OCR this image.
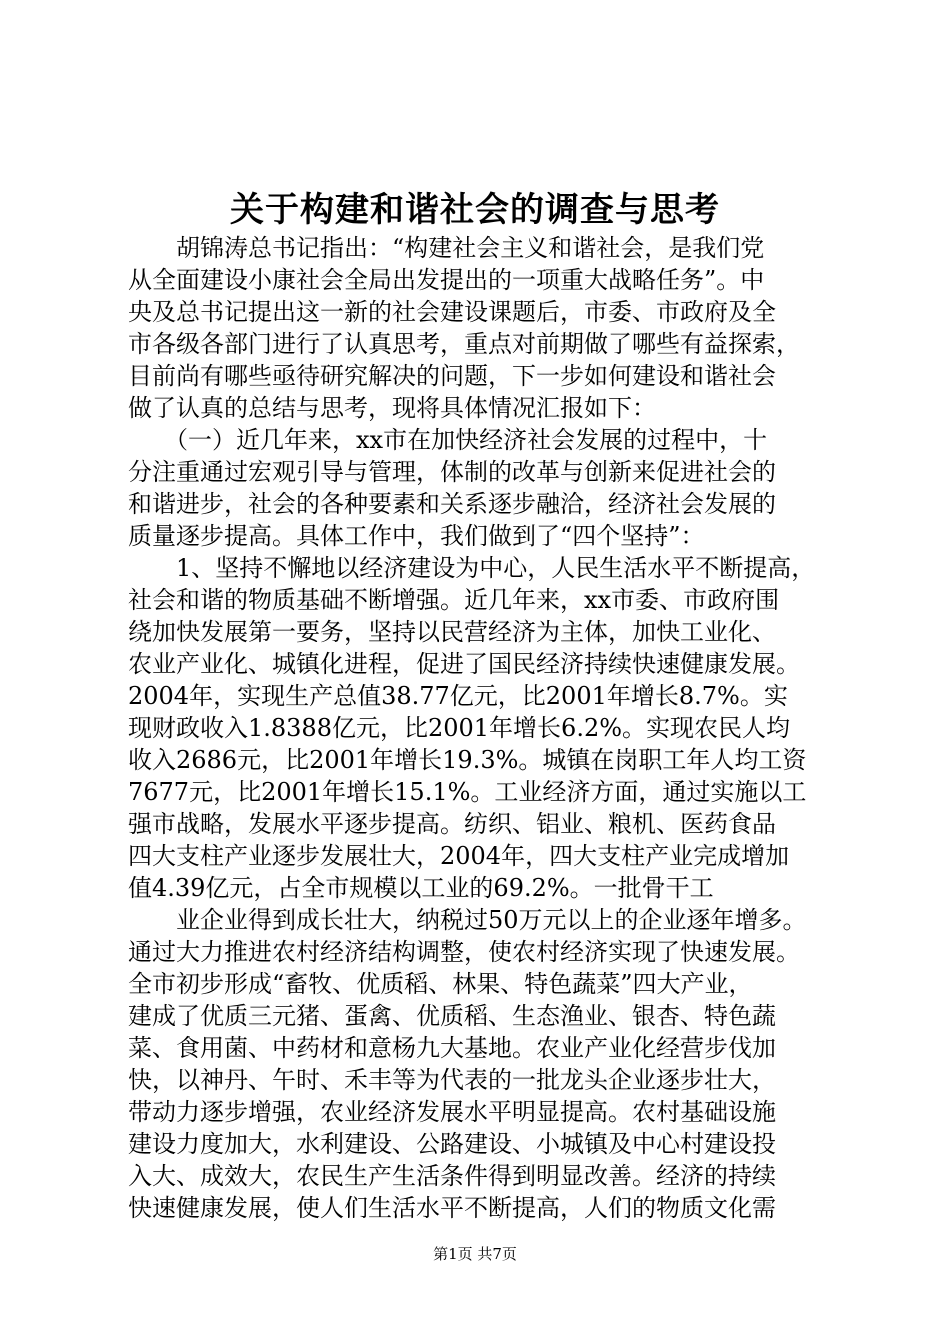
关于构建和谐社会的调查与思考
　　胡锦涛总书记指出：“构建社会主义和谐社会，是我们党
从全面建设小康社会全局出发提出的一项重大战略任务”。中
央及总书记提出这一新的社会建设课题后，市委、市政府及全
市各级各部门进行了认真思考，重点对前期做了哪些有益探索，
目前尚有哪些亟待研究解决的问题，下一步如何建设和谐社会
做了认真的总结与思考，现将具体情况汇报如下：
　　（一）近几年来，xx市在加快经济社会发展的过程中，十
分注重通过宏观引导与管理，体制的改革与创新来促进社会的
和谐进步，社会的各种要素和关系逐步融洽，经济社会发展的
质量逐步提高。具体工作中，我们做到了“四个坚持”：
　　1、坚持不懈地以经济建设为中心，人民生活水平不断提高，
社会和谐的物质基础不断增强。近几年来，xx市委、市政府围
绕加快发展第一要务，坚持以民营经济为主体，加快工业化、
农业产业化、城镇化进程，促进了国民经济持续快速健康发展。
2004年，实现生产总值38.77亿元，比2001年增长8.7%。实
现财政收入1.8388亿元，比2001年增长6.2%。实现农民人均
收入2686元，比2001年增长19.3%。城镇在岗职工年人均工资
7677元，比2001年增长15.1%。工业经济方面，通过实施以工
强市战略，发展水平逐步提高。纺织、铝业、粮机、医药食品
四大支柱产业逐步发展壮大，2004年，四大支柱产业完成增加
值4.39亿元，占全市规模以工业的69.2%。一批骨干工
　　业企业得到成长壮大，纳税过50万元以上的企业逐年增多。
通过大力推进农村经济结构调整，使农村经济实现了快速发展。
全市初步形成“畜牧、优质稻、林果、特色蔬菜”四大产业，
建成了优质三元猪、蛋禽、优质稻、生态渔业、银杏、特色蔬
菜、食用菌、中药材和意杨九大基地。农业产业化经营步伐加
快，以神丹、午时、禾丰等为代表的一批龙头企业逐步壮大，
带动力逐步增强，农业经济发展水平明显提高。农村基础设施
建设力度加大，水利建设、公路建设、小城镇及中心村建设投
入大、成效大，农民生产生活条件得到明显改善。经济的持续
快速健康发展，使人们生活水平不断提高，人们的物质文化需
第1页 共7页
